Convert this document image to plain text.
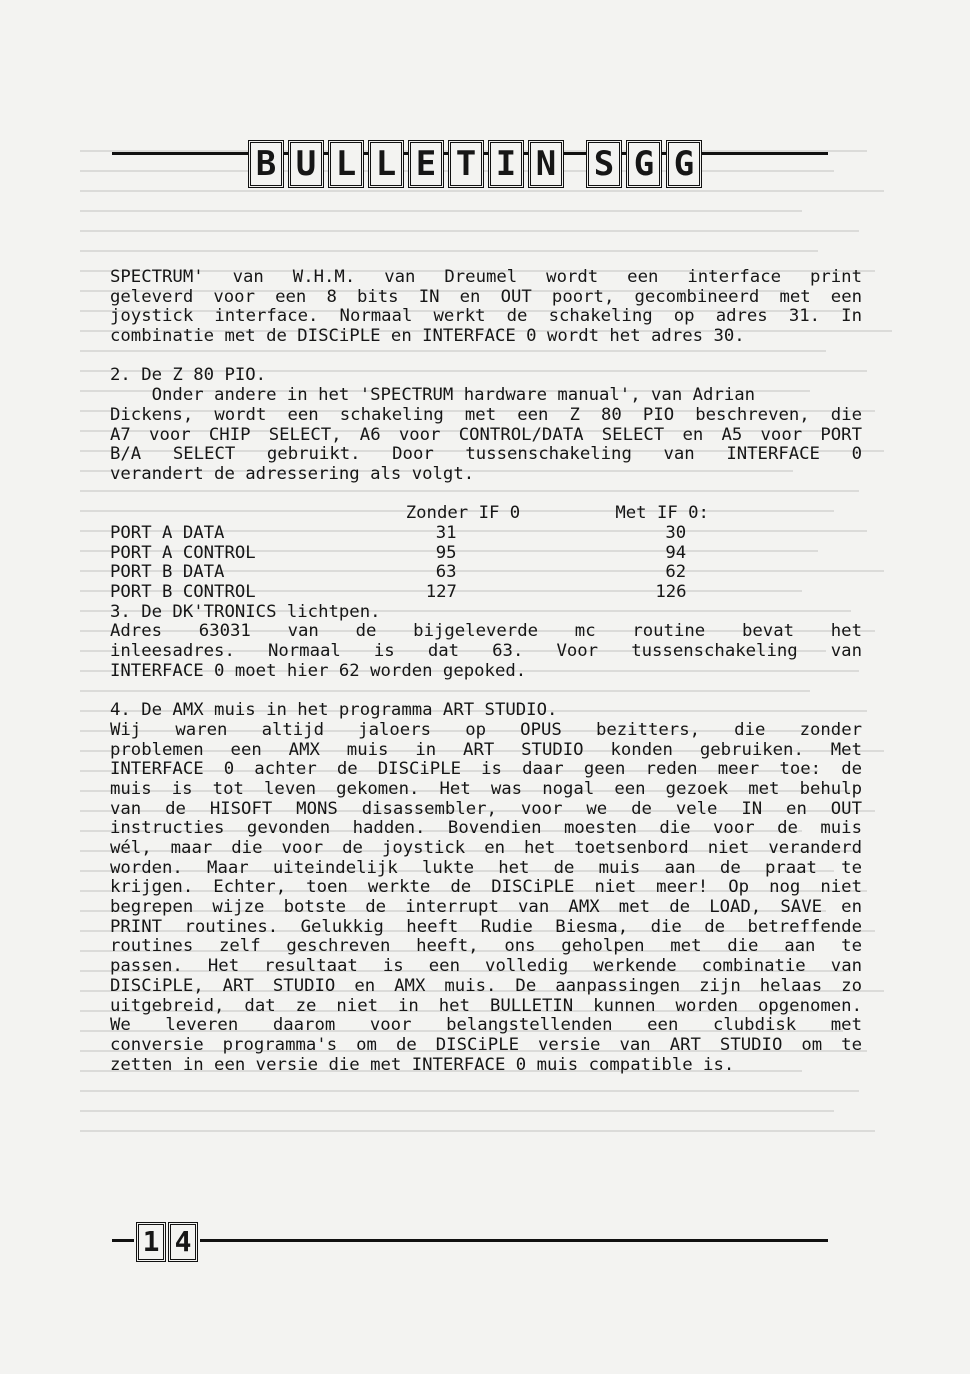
B U L L E T I N S G G
SPECTRUM' van W.H.M. van Dreumel wordt een interface print
geleverd voor een 8 bits IN en OUT poort, gecombineerd met een
joystick interface. Normaal werkt de schakeling op adres 31. In
combinatie met de DISCiPLE en INTERFACE 0 wordt het adres 30.
2. De Z 80 PIO.
Onder andere in het 'SPECTRUM hardware manual', van Adrian
Dickens, wordt een schakeling met een Z 80 PIO beschreven, die
A7 voor CHIP SELECT, A6 voor CONTROL/DATA SELECT en A5 voor PORT
B/A SELECT gebruikt. Door tussenschakeling van INTERFACE 0
verandert de adressering als volgt.
	Zonder IF 0	Met IF 0:
PORT A DATA	31	30
PORT A CONTROL	95	94
PORT B DATA	63	62
PORT B CONTROL	127	126
3. De DK'TRONICS lichtpen.
Adres 63031 van de bijgeleverde mc routine bevat het
inleesadres. Normaal is dat 63. Voor tussenschakeling van
INTERFACE 0 moet hier 62 worden gepoked.
4. De AMX muis in het programma ART STUDIO.
Wij waren altijd jaloers op OPUS bezitters, die zonder
problemen een AMX muis in ART STUDIO konden gebruiken. Met
INTERFACE 0 achter de DISCiPLE is daar geen reden meer toe: de
muis is tot leven gekomen. Het was nogal een gezoek met behulp
van de HISOFT MONS disassembler, voor we de vele IN en OUT
instructies gevonden hadden. Bovendien moesten die voor de muis
wél, maar die voor de joystick en het toetsenbord niet veranderd
worden. Maar uiteindelijk lukte het de muis aan de praat te
krijgen. Echter, toen werkte de DISCiPLE niet meer! Op nog niet
begrepen wijze botste de interrupt van AMX met de LOAD, SAVE en
PRINT routines. Gelukkig heeft Rudie Biesma, die de betreffende
routines zelf geschreven heeft, ons geholpen met die aan te
passen. Het resultaat is een volledig werkende combinatie van
DISCiPLE, ART STUDIO en AMX muis. De aanpassingen zijn helaas zo
uitgebreid, dat ze niet in het BULLETIN kunnen worden opgenomen.
We leveren daarom voor belangstellenden een clubdisk met
conversie programma's om de DISCiPLE versie van ART STUDIO om te
zetten in een versie die met INTERFACE 0 muis compatible is.
1 4
